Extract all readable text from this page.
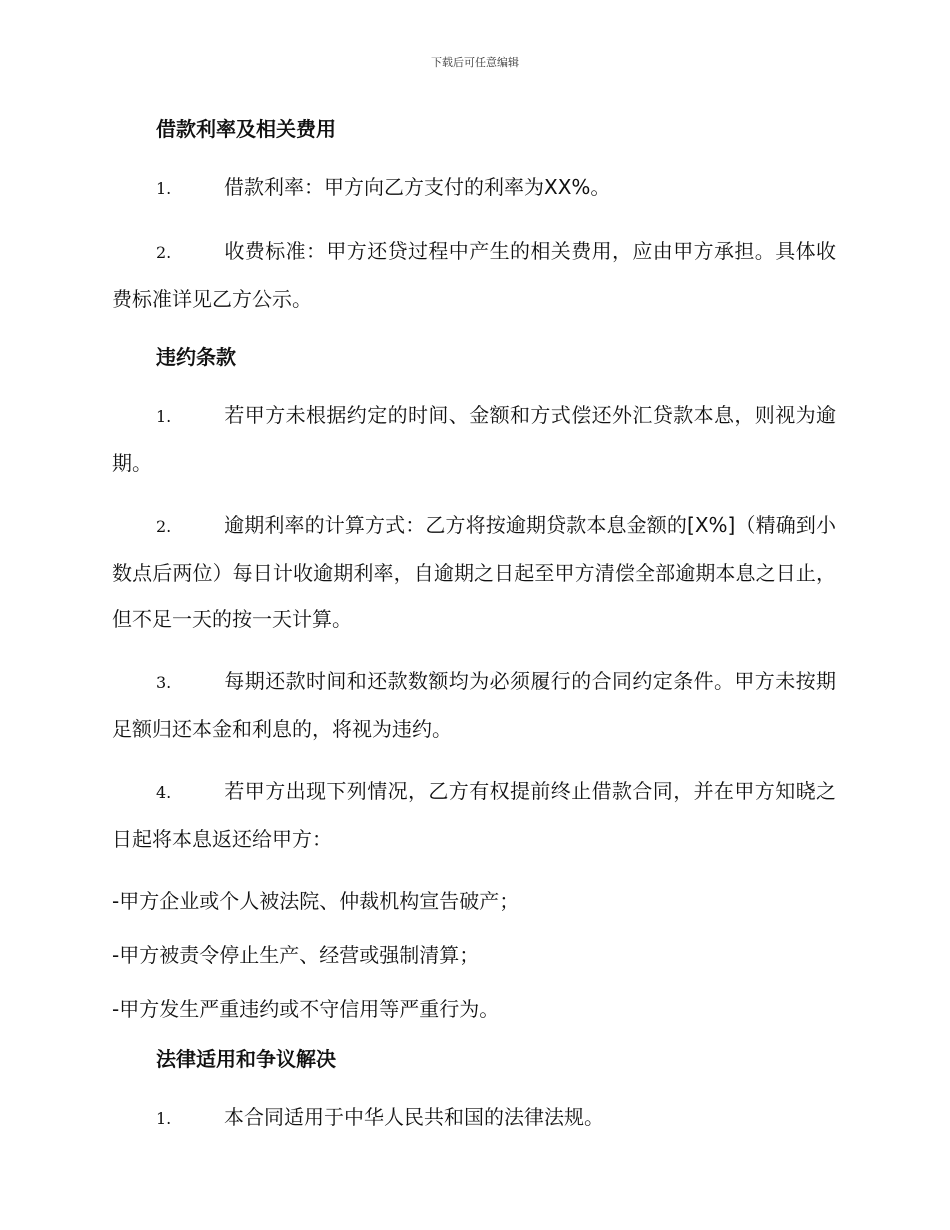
下载后可任意编辑
借款利率及相关费用

1.	借款利率：甲方向乙方支付的利率为XX%。

2.	收费标准：甲方还贷过程中产生的相关费用，应由甲方承担。具体收费标准详见乙方公示。

违约条款

1.	若甲方未根据约定的时间、金额和方式偿还外汇贷款本息，则视为逾期。

2.	逾期利率的计算方式：乙方将按逾期贷款本息金额的[X%]（精确到小数点后两位）每日计收逾期利率，自逾期之日起至甲方清偿全部逾期本息之日止，但不足一天的按一天计算。

3.	每期还款时间和还款数额均为必须履行的合同约定条件。甲方未按期足额归还本金和利息的，将视为违约。

4.	若甲方出现下列情况，乙方有权提前终止借款合同，并在甲方知晓之日起将本息返还给甲方：

-甲方企业或个人被法院、仲裁机构宣告破产；

-甲方被责令停止生产、经营或强制清算；

-甲方发生严重违约或不守信用等严重行为。

法律适用和争议解决

1.	本合同适用于中华人民共和国的法律法规。
